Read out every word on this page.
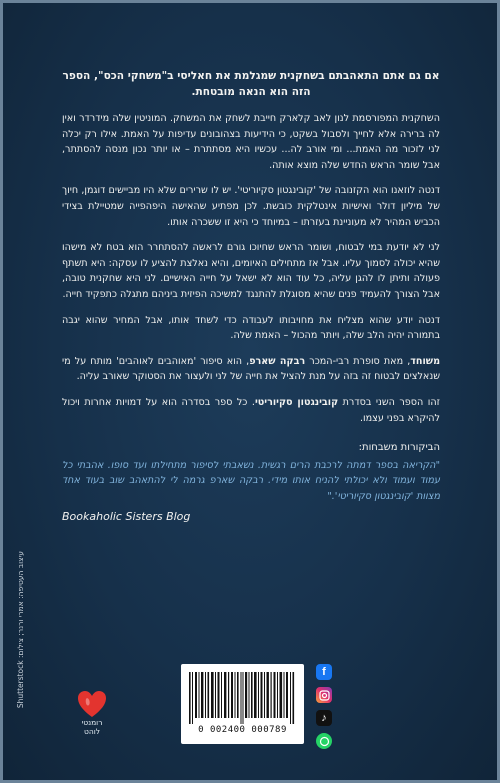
אם גם אתם התאהבתם בשחקנית שמגלמת את חאליסי ב"משחקי הכס", הספר הזה הוא הנאה מובטחת.

השחקנית המפורסמת לנון לאב קלארק חייבת לשחק את המשחק. המוניטין שלה מידרדר ואין לה ברירה אלא לחייך ולסבול בשקט, כי הידיעות בצהובונים עדיפות על האמת. אילו רק יכלה לני לזכור מה האמת... ומי אורב לה... עכשיו היא מסתתרת – או יותר נכון מנסה להסתתר, אבל שומר הראש החדש שלה מוצא אותה.

דנטה לוזאנו הוא הקזנובה של 'קובינגטון סקיוריטי'. יש לו שרירים שלא היו מביישים דוגמן, חיוך של מיליון דולר ואישיות אינטלקית כובשת. לכן מפתיע שהאישה היפהפייה שמטיילת בצידי הכביש המהיר לא מעוניינת בעזרתו – במיוחד כי היא זו ששכרה אותו.

לני לא יודעת במי לבטוח, ושומר הראש שחיוכו גורם לראשה להסתחרר הוא בטח לא מישהו שהיא יכולה לסמוך עליו. אבל אז מתחילים האיומים, והיא נאלצת להציע לו עסקה: היא תשתף פעולה ותיתן לו להגן עליה, כל עוד הוא לא ישאל על חייה האישיים. לני היא שחקנית טובה, אבל הצורך להעמיד פנים שהיא מסוגלת להתנגד למשיכה הפיזית ביניהם מתגלה כתפקיד חייה.

דנטה יודע שהוא מצליח את מחויבותו לעבודה כדי לשחד אותו, אבל המחיר שהוא יגבה בתמורה יהיה הלב שלה, ויותר מהכול – האמת שלה.

משוחד, מאת סופרת רבי-המכר רבקה שארפ, הוא סיפור 'מאוהבים לאוהבים' מותח על מי שנאלצים לבטוח זה בזה על מנת להציל את חייה של לני ולעצור את הסטוקר שאורב עליה.

זהו הספר השני בסדרת קובינגטון סקיוריטי. כל ספר בסדרה הוא על דמויות אחרות ויכול להיקרא בפני עצמו.

הביקורות משבחות:

"הקריאה בספר דמתה לרכבת הרים רגשית. נשאבתי לסיפור מתחילתו ועד סופו. אהבתי כל עמוד ועמוד ולא יכולתי להניח אותו מידי. רבקה שארפ גרמה לי להתאהב שוב בעוד אחד מצוות 'קובינגטון סקיוריטי'."

Bookaholic Sisters Blog

עיצוב העטיפה: אמרי ורנר; צילום: Shutterstock
רומנטי
לוהט	0 002400 000789
f
♪
